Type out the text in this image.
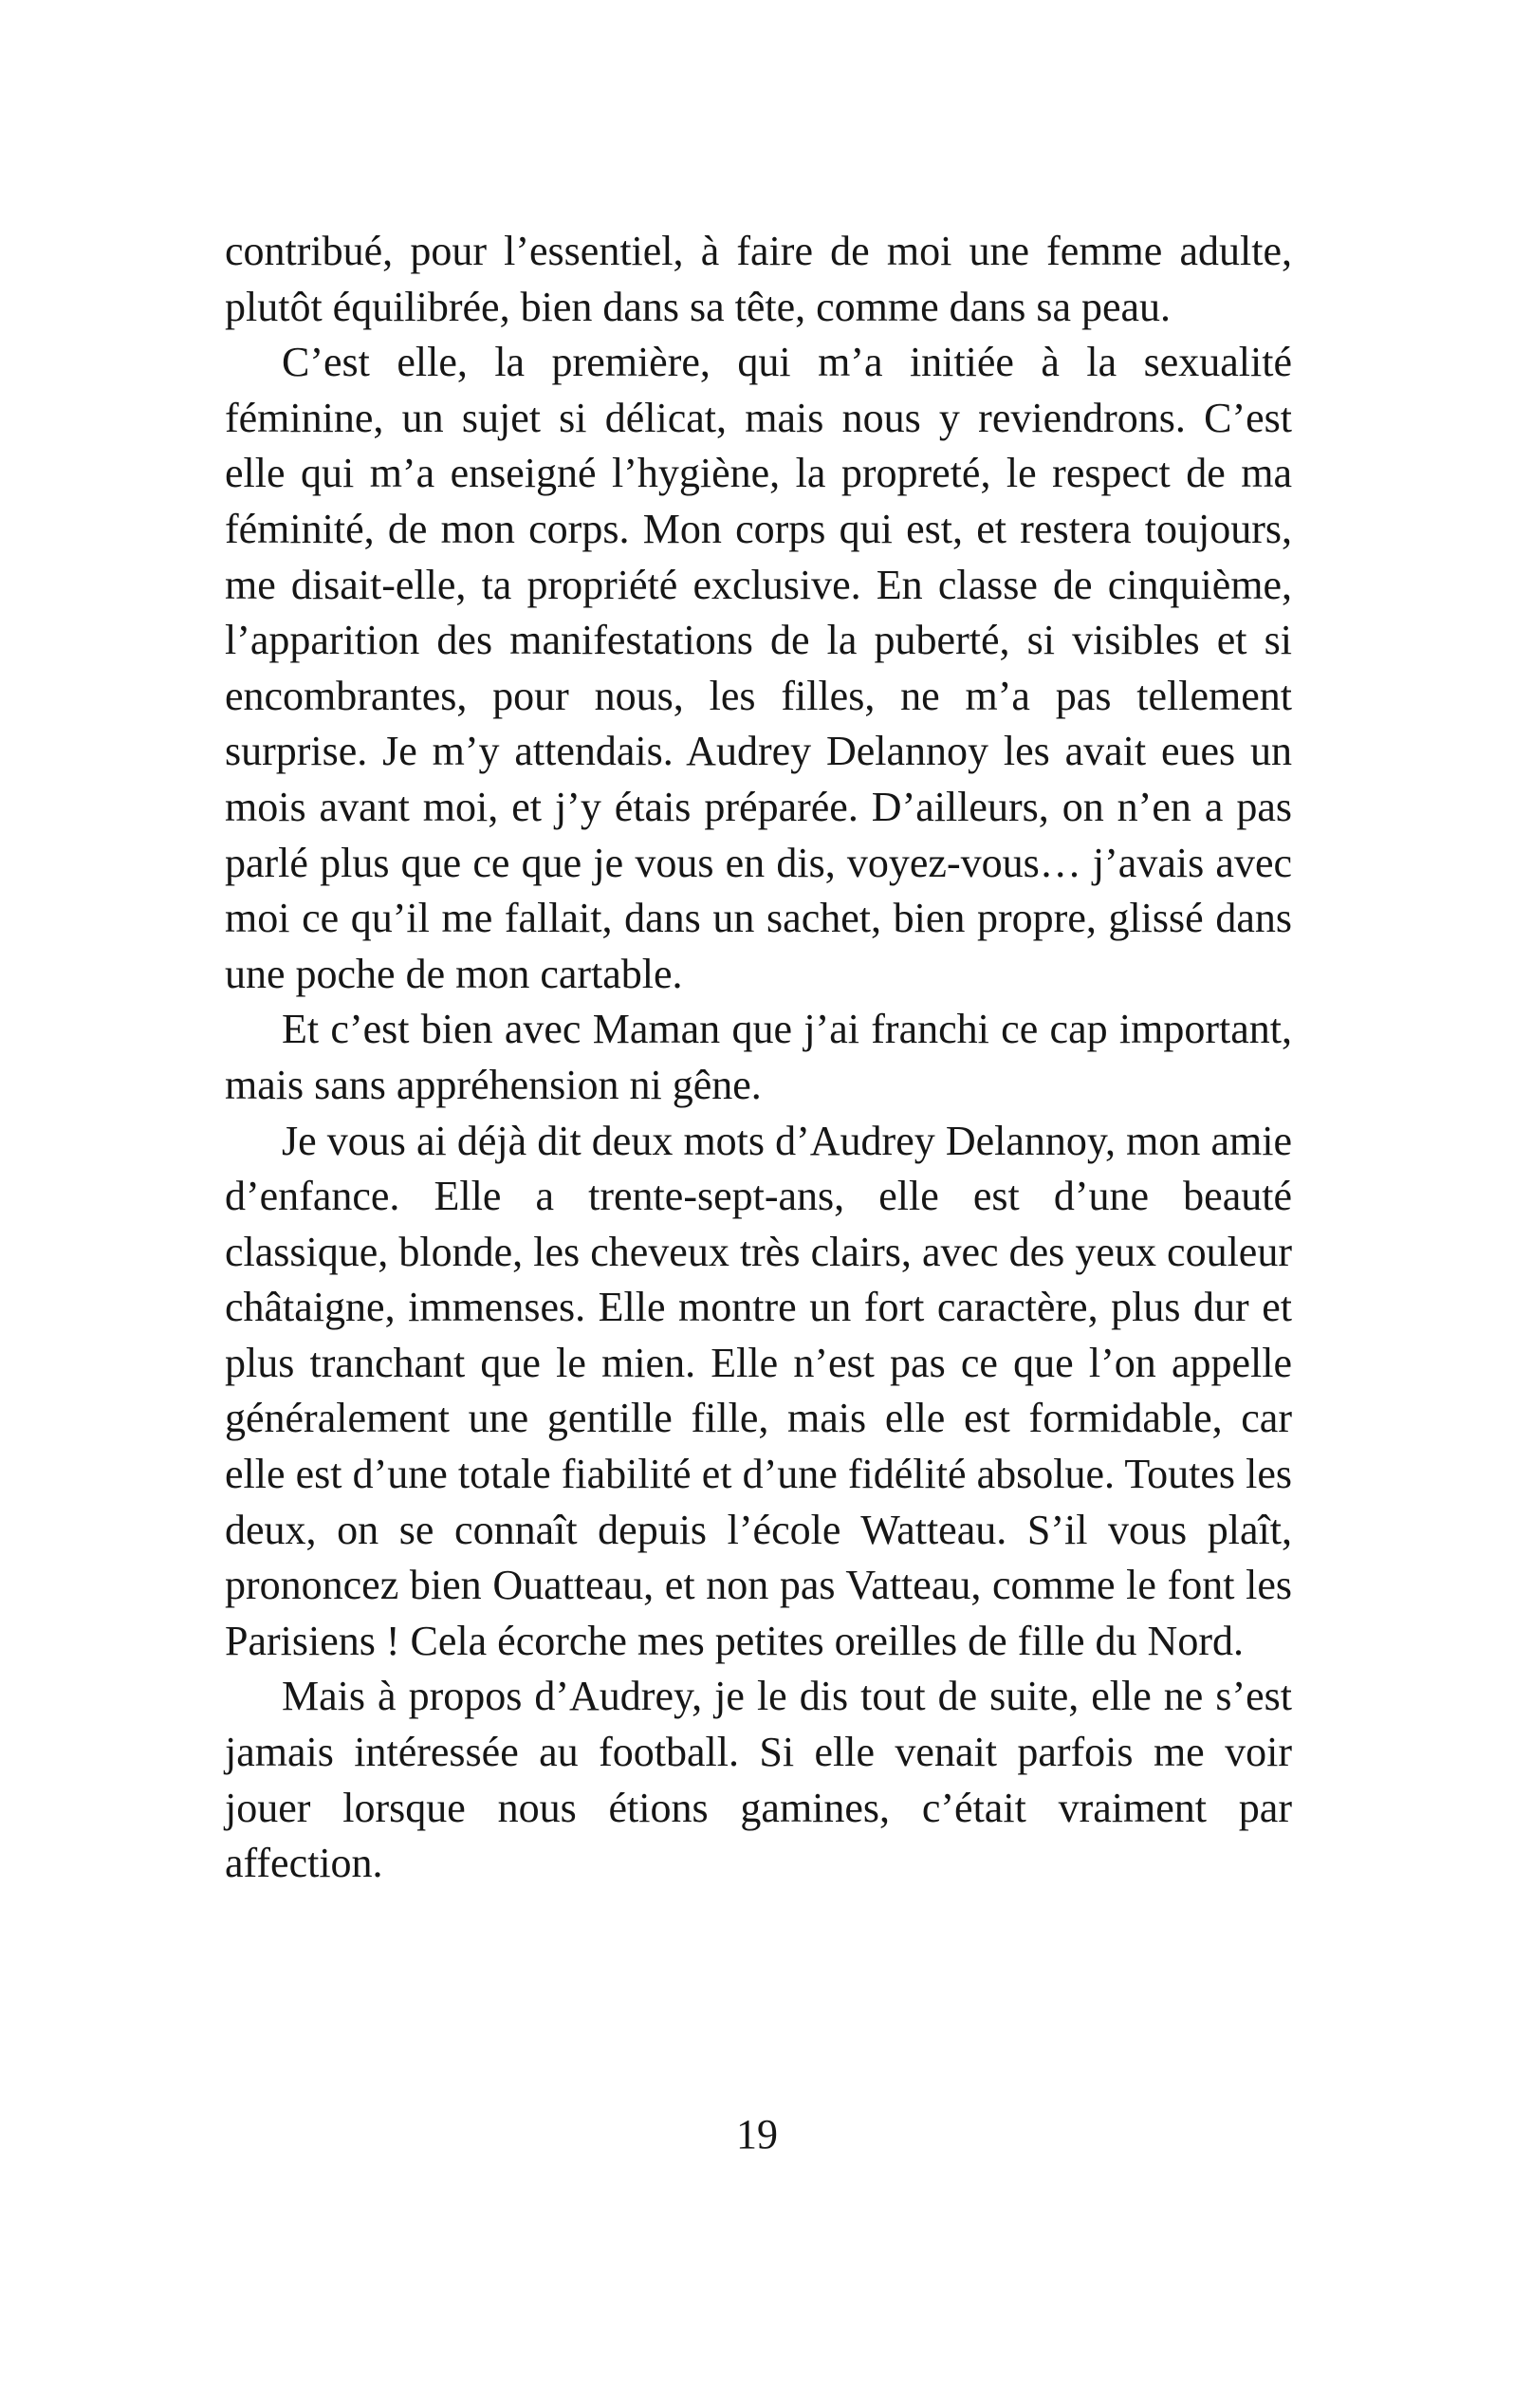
contribué, pour l’essentiel, à faire de moi une femme adulte, plutôt équilibrée, bien dans sa tête, comme dans sa peau.

C’est elle, la première, qui m’a initiée à la sexualité féminine, un sujet si délicat, mais nous y reviendrons. C’est elle qui m’a enseigné l’hygiène, la propreté, le respect de ma féminité, de mon corps. Mon corps qui est, et restera toujours, me disait-elle, ta propriété exclusive. En classe de cinquième, l’apparition des manifestations de la puberté, si visibles et si encombrantes, pour nous, les filles, ne m’a pas tellement surprise. Je m’y attendais. Audrey Delannoy les avait eues un mois avant moi, et j’y étais préparée. D’ailleurs, on n’en a pas parlé plus que ce que je vous en dis, voyez-vous… j’avais avec moi ce qu’il me fallait, dans un sachet, bien propre, glissé dans une poche de mon cartable.

Et c’est bien avec Maman que j’ai franchi ce cap important, mais sans appréhension ni gêne.

Je vous ai déjà dit deux mots d’Audrey Delannoy, mon amie d’enfance. Elle a trente-sept-ans, elle est d’une beauté classique, blonde, les cheveux très clairs, avec des yeux couleur châtaigne, immenses. Elle montre un fort caractère, plus dur et plus tranchant que le mien. Elle n’est pas ce que l’on appelle généralement une gentille fille, mais elle est formidable, car elle est d’une totale fiabilité et d’une fidélité absolue. Toutes les deux, on se connaît depuis l’école Watteau. S’il vous plaît, prononcez bien Ouatteau, et non pas Vatteau, comme le font les Parisiens ! Cela écorche mes petites oreilles de fille du Nord.

Mais à propos d’Audrey, je le dis tout de suite, elle ne s’est jamais intéressée au football. Si elle venait parfois me voir jouer lorsque nous étions gamines, c’était vraiment par affection.

19
